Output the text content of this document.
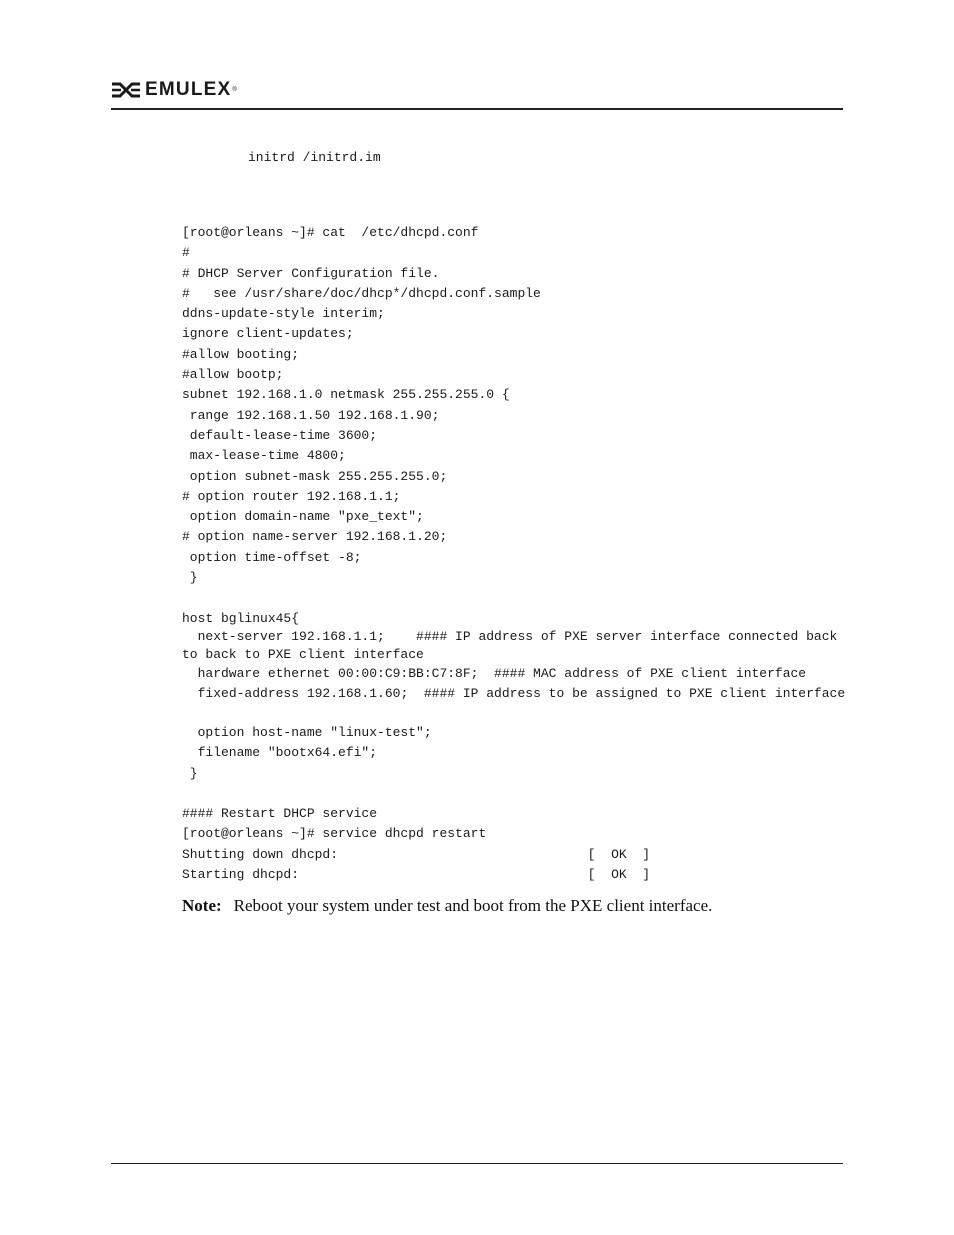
EMULEX ®
initrd /initrd.im
[root@orleans ~]# cat  /etc/dhcpd.conf
#
# DHCP Server Configuration file.
#   see /usr/share/doc/dhcp*/dhcpd.conf.sample
ddns-update-style interim;
ignore client-updates;
#allow booting;
#allow bootp;
subnet 192.168.1.0 netmask 255.255.255.0 {
range 192.168.1.50 192.168.1.90;
default-lease-time 3600;
max-lease-time 4800;
option subnet-mask 255.255.255.0;
# option router 192.168.1.1;
option domain-name "pxe_text";
# option name-server 192.168.1.20;
option time-offset -8;
}

host bglinux45{
next-server 192.168.1.1;    #### IP address of PXE server interface connected back to back to PXE client interface
hardware ethernet 00:00:C9:BB:C7:8F;  #### MAC address of PXE client interface
fixed-address 192.168.1.60;  #### IP address to be assigned to PXE client interface
option host-name "linux-test";
filename "bootx64.efi";
}

#### Restart DHCP service
[root@orleans ~]# service dhcpd restart
Shutting down dhcpd:                                [  OK  ]
Starting dhcpd:                                     [  OK  ]
Note: Reboot your system under test and boot from the PXE client interface.
